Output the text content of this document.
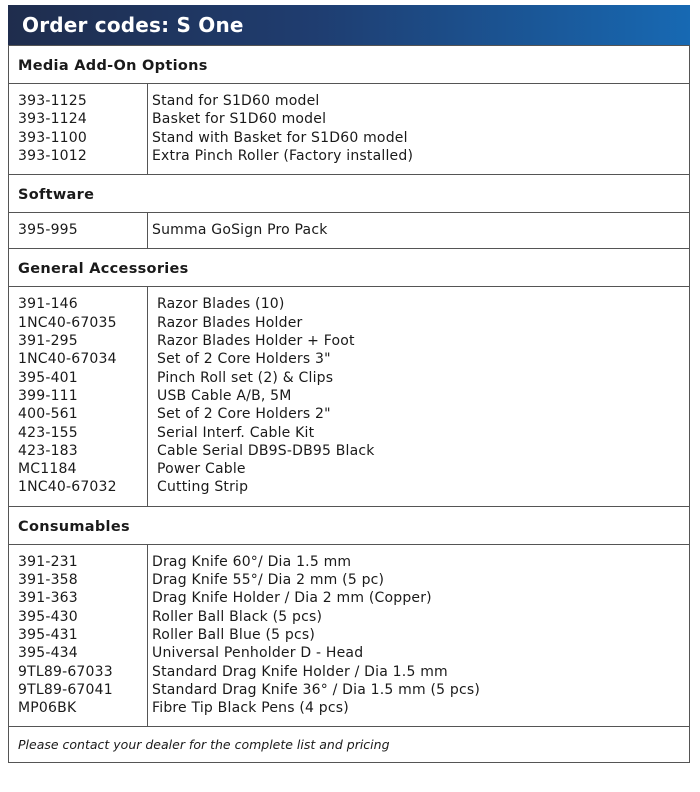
Order codes: S One
Media Add-On Options
393-1125
393-1124
393-1100
393-1012
Stand for S1D60 model
Basket for S1D60 model
Stand with Basket for S1D60 model
Extra Pinch Roller (Factory installed)
Software
395-995	Summa GoSign Pro Pack
General Accessories
391-146
1NC40-67035
391-295
1NC40-67034
395-401
399-111
400-561
423-155
423-183
MC1184
1NC40-67032
Razor Blades (10)
Razor Blades Holder
Razor Blades Holder + Foot
Set of 2 Core Holders 3"
Pinch Roll set (2) & Clips
USB Cable A/B, 5M
Set of 2 Core Holders 2"
Serial Interf. Cable Kit
Cable Serial DB9S-DB95 Black
Power Cable
Cutting Strip
Consumables
391-231
391-358
391-363
395-430
395-431
395-434
9TL89-67033
9TL89-67041
MP06BK
Drag Knife 60°/ Dia 1.5 mm
Drag Knife 55°/ Dia 2 mm (5 pc)
Drag Knife Holder / Dia 2 mm (Copper)
Roller Ball Black (5 pcs)
Roller Ball Blue (5 pcs)
Universal Penholder D - Head
Standard Drag Knife Holder / Dia 1.5 mm
Standard Drag Knife 36° / Dia 1.5 mm (5 pcs)
Fibre Tip Black Pens (4 pcs)
Please contact your dealer for the complete list and pricing
